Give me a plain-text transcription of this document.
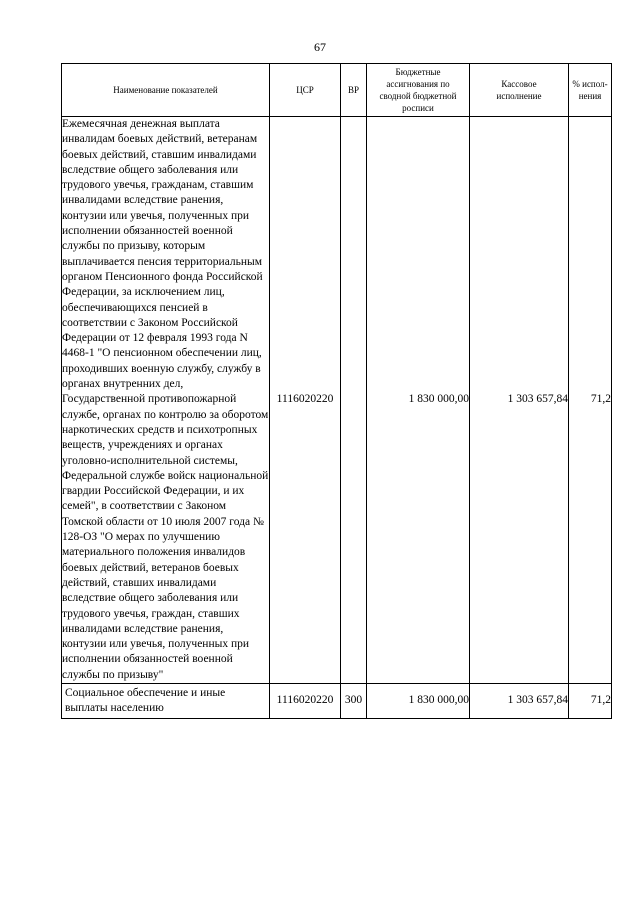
67
Наименование показателей	ЦСР	ВР	Бюджетные ассигнования по сводной бюджетной росписи	Кассовое исполнение	% испол-нения
Ежемесячная денежная выплата инвалидам боевых действий, ветеранам боевых действий, ставшим инвалидами вследствие общего заболевания или трудового увечья, гражданам, ставшим инвалидами вследствие ранения, контузии или увечья, полученных при исполнении обязанностей военной службы по призыву, которым выплачивается пенсия территориальным органом Пенсионного фонда Российской Федерации, за исключением лиц, обеспечивающихся пенсией в соответствии с Законом Российской Федерации от 12 февраля 1993 года N 4468-1 "О пенсионном обеспечении лиц, проходивших военную службу, службу в органах внутренних дел, Государственной противопожарной службе, органах по контролю за оборотом наркотических средств и психотропных веществ, учреждениях и органах уголовно-исполнительной системы, Федеральной службе войск национальной гвардии Российской Федерации, и их семей", в соответствии с Законом Томской области от 10 июля 2007 года № 128-ОЗ "О мерах по улучшению материального положения инвалидов боевых действий, ветеранов боевых действий, ставших инвалидами вследствие общего заболевания или трудового увечья, граждан, ставших инвалидами вследствие ранения, контузии или увечья, полученных при исполнении обязанностей военной службы по призыву"	1116020220		1 830 000,00	1 303 657,84	71,2
Социальное обеспечение и иные выплаты населению	1116020220	300	1 830 000,00	1 303 657,84	71,2
